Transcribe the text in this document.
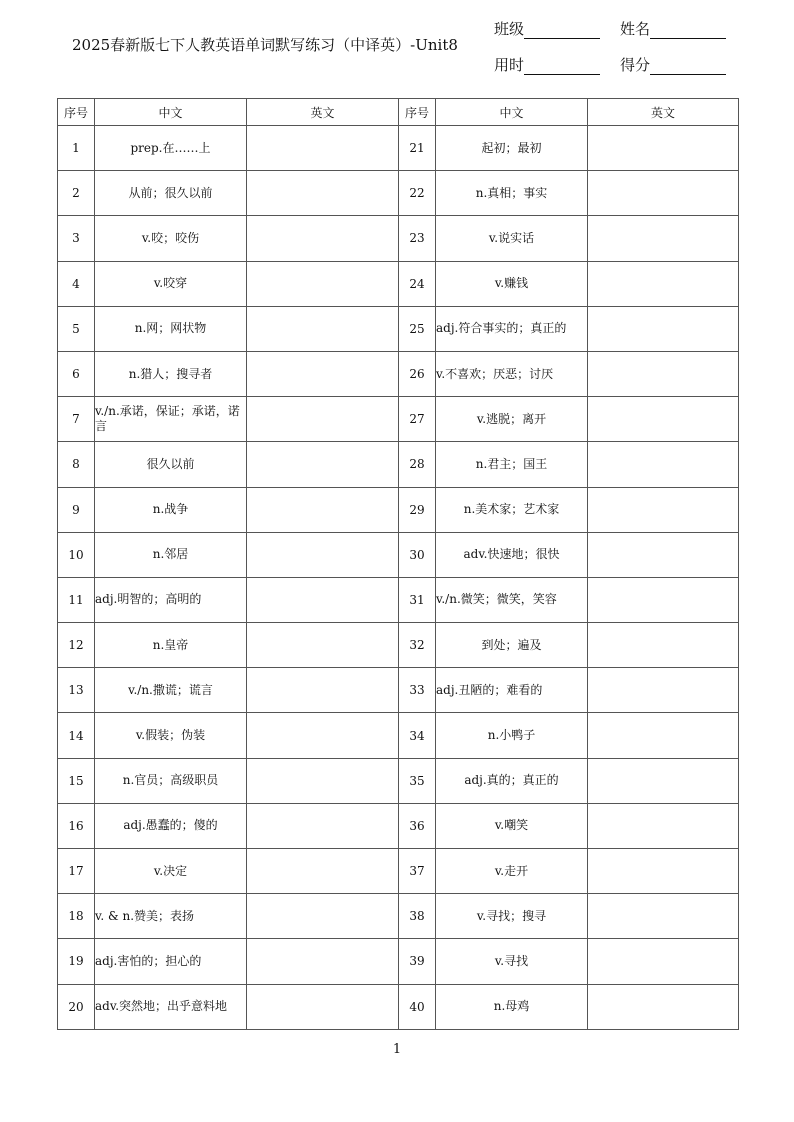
2025春新版七下人教英语单词默写练习（中译英）-Unit8
班级	姓名
用时	得分
序号	中文	英文	序号	中文	英文
1	prep.在……上		21	起初；最初	
2	从前；很久以前		22	n.真相；事实	
3	v.咬；咬伤		23	v.说实话	
4	v.咬穿		24	v.赚钱	
5	n.网；网状物		25	adj.符合事实的；真正的	
6	n.猎人；搜寻者		26	v.不喜欢；厌恶；讨厌	
7	v./n.承诺，保证；承诺，诺言		27	v.逃脱；离开	
8	很久以前		28	n.君主；国王	
9	n.战争		29	n.美术家；艺术家	
10	n.邻居		30	adv.快速地；很快	
11	adj.明智的；高明的		31	v./n.微笑；微笑，笑容	
12	n.皇帝		32	到处；遍及	
13	v./n.撒谎；谎言		33	adj.丑陋的；难看的	
14	v.假装；伪装		34	n.小鸭子	
15	n.官员；高级职员		35	adj.真的；真正的	
16	adj.愚蠢的；傻的		36	v.嘲笑	
17	v.决定		37	v.走开	
18	v. & n.赞美；表扬		38	v.寻找；搜寻	
19	adj.害怕的；担心的		39	v.寻找	
20	adv.突然地；出乎意料地		40	n.母鸡	
1
